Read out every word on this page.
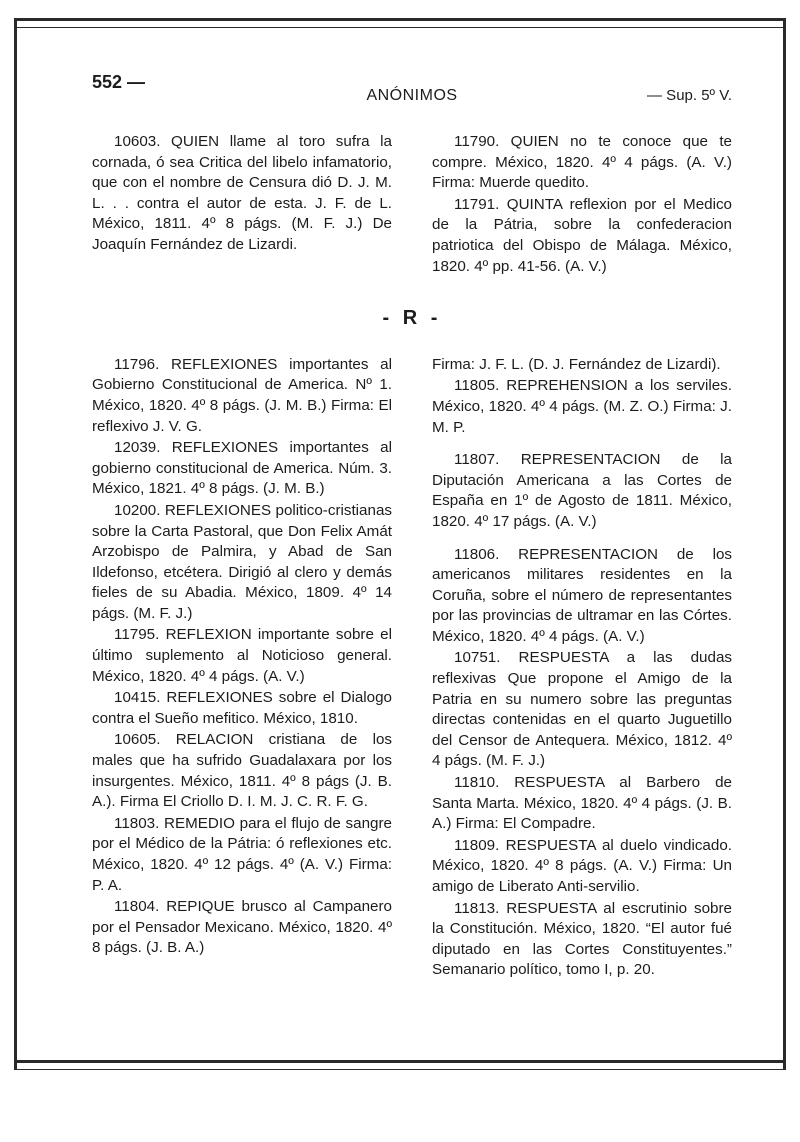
552 —
ANÓNIMOS	— Sup. 5º V.

10603. QUIEN llame al toro sufra la cornada, ó sea Critica del libelo infamatorio, que con el nombre de Censura dió D. J. M. L. . . contra el autor de esta. J. F. de L. México, 1811. 4º 8 págs. (M. F. J.) De Joaquín Fernández de Lizardi.

11790. QUIEN no te conoce que te compre. México, 1820. 4º 4 págs. (A. V.) Firma: Muerde quedito.

11791. QUINTA reflexion por el Medico de la Pátria, sobre la confederacion patriotica del Obispo de Málaga. México, 1820. 4º pp. 41-56. (A. V.)

- R -

11796. REFLEXIONES importantes al Gobierno Constitucional de America. Nº 1. México, 1820. 4º 8 págs. (J. M. B.) Firma: El reflexivo J. V. G.

12039. REFLEXIONES importantes al gobierno constitucional de America. Núm. 3. México, 1821. 4º 8 págs. (J. M. B.)

10200. REFLEXIONES politico-cristianas sobre la Carta Pastoral, que Don Felix Amát Arzobispo de Palmira, y Abad de San Ildefonso, etcétera. Dirigió al clero y demás fieles de su Abadia. México, 1809. 4º 14 págs. (M. F. J.)

11795. REFLEXION importante sobre el último suplemento al Noticioso general. México, 1820. 4º 4 págs. (A. V.)

10415. REFLEXIONES sobre el Dialogo contra el Sueño mefitico. México, 1810.

10605. RELACION cristiana de los males que ha sufrido Guadalaxara por los insurgentes. México, 1811. 4º 8 págs (J. B. A.). Firma El Criollo D. I. M. J. C. R. F. G.

11803. REMEDIO para el flujo de sangre por el Médico de la Pátria: ó reflexiones etc. México, 1820. 4º 12 págs. 4º (A. V.) Firma: P. A.

11804. REPIQUE brusco al Campanero por el Pensador Mexicano. México, 1820. 4º 8 págs. (J. B. A.)

Firma: J. F. L. (D. J. Fernández de Lizardi).

11805. REPREHENSION a los serviles. México, 1820. 4º 4 págs. (M. Z. O.) Firma: J. M. P.

11807. REPRESENTACION de la Diputación Americana a las Cortes de España en 1º de Agosto de 1811. México, 1820. 4º 17 págs. (A. V.)

11806. REPRESENTACION de los americanos militares residentes en la Coruña, sobre el número de representantes por las provincias de ultramar en las Córtes. México, 1820. 4º 4 págs. (A. V.)

10751. RESPUESTA a las dudas reflexivas Que propone el Amigo de la Patria en su numero sobre las preguntas directas contenidas en el quarto Juguetillo del Censor de Antequera. México, 1812. 4º 4 págs. (M. F. J.)

11810. RESPUESTA al Barbero de Santa Marta. México, 1820. 4º 4 págs. (J. B. A.) Firma: El Compadre.

11809. RESPUESTA al duelo vindicado. México, 1820. 4º 8 págs. (A. V.) Firma: Un amigo de Liberato Anti-servilio.

11813. RESPUESTA al escrutinio sobre la Constitución. México, 1820. “El autor fué diputado en las Cortes Constituyentes.” Semanario político, tomo I, p. 20.
